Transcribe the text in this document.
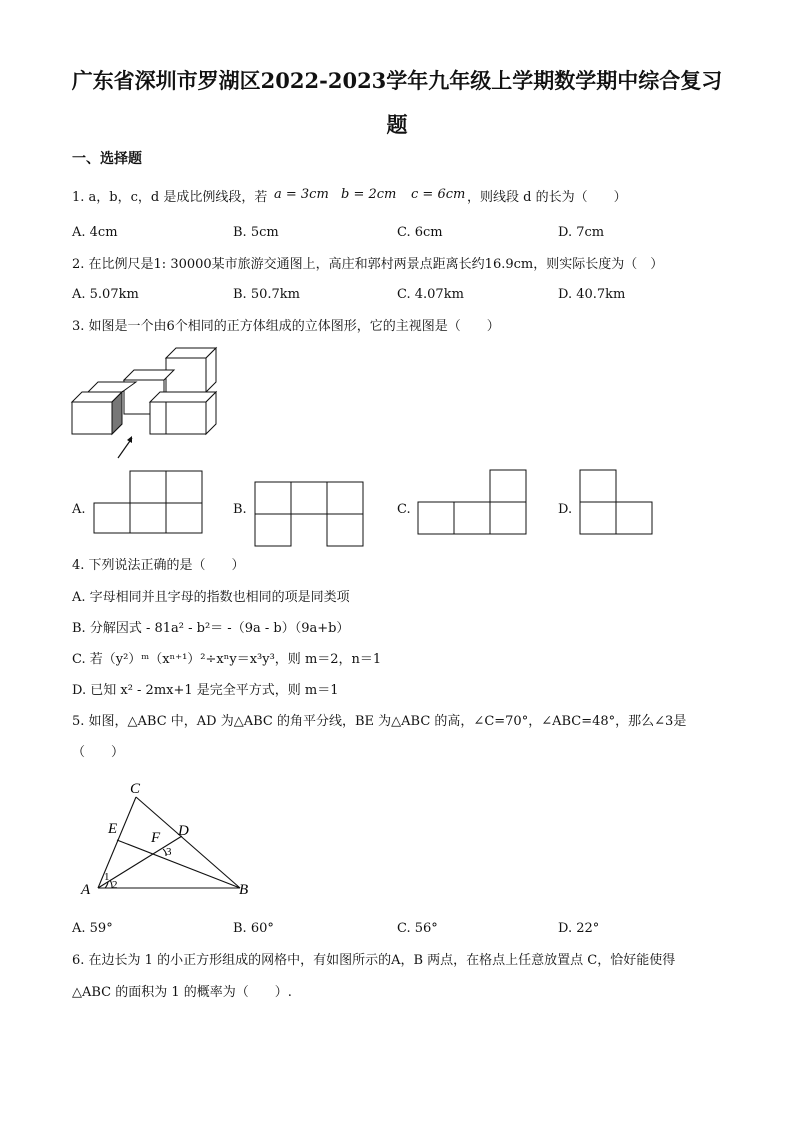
广东省深圳市罗湖区2022-2023学年九年级上学期数学期中综合复习
题
一、选择题
1. a，b，c，d 是成比例线段，若 a = 3cm b = 2cm c = 6cm ，则线段 d 的长为（　　）
A. 4cm	B. 5cm	C. 6cm	D. 7cm
2. 在比例尺是1: 30000某市旅游交通图上，高庄和郭村两景点距离长约16.9cm，则实际长度为（　）
A. 5.07km	B. 50.7km	C. 4.07km	D. 40.7km
3. 如图是一个由6个相同的正方体组成的立体图形，它的主视图是（　　）
A.	B.	C.	D.
4. 下列说法正确的是（　　）
A. 字母相同并且字母的指数也相同的项是同类项
B. 分解因式 - 81a² - b²＝ -（9a - b）（9a+b）
C. 若（y²）ᵐ（xⁿ⁺¹）²÷xⁿy＝x³y³，则 m＝2，n＝1
D. 已知 x² - 2mx+1 是完全平方式，则 m＝1
5. 如图，△ABC 中，AD 为△ABC 的角平分线，BE 为△ABC 的高，∠C=70°，∠ABC=48°，那么∠3是
（　　）
C
E
F D
A	B
1
2
3
A. 59°	B. 60°	C. 56°	D. 22°
6. 在边长为 1 的小正方形组成的网格中，有如图所示的A，B 两点，在格点上任意放置点 C，恰好能使得
△ABC 的面积为 1 的概率为（　　）.
